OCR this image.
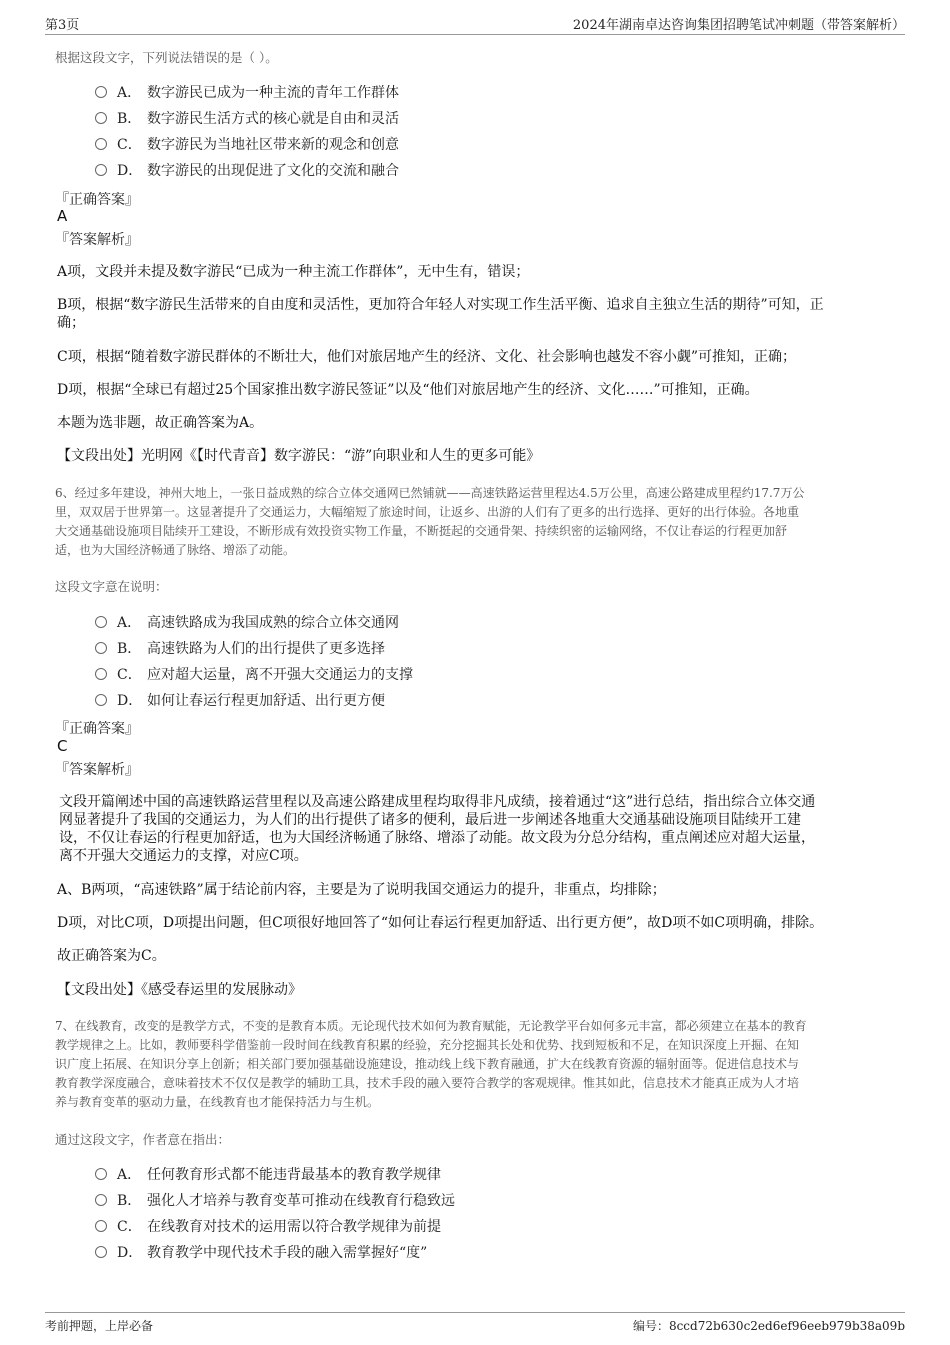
第3页	2024年湖南卓达咨询集团招聘笔试冲刺题（带答案解析）
根据这段文字，下列说法错误的是（ ）。
A． 数字游民已成为一种主流的青年工作群体
B． 数字游民生活方式的核心就是自由和灵活
C． 数字游民为当地社区带来新的观念和创意
D． 数字游民的出现促进了文化的交流和融合
『正确答案』
A
『答案解析』
A项，文段并未提及数字游民“已成为一种主流工作群体”，无中生有，错误；
B项，根据“数字游民生活带来的自由度和灵活性，更加符合年轻人对实现工作生活平衡、追求自主独立生活的期待”可知，正
确；
C项，根据“随着数字游民群体的不断壮大，他们对旅居地产生的经济、文化、社会影响也越发不容小觑”可推知，正确；
D项，根据“全球已有超过25个国家推出数字游民签证”以及“他们对旅居地产生的经济、文化……”可推知，正确。
本题为选非题，故正确答案为A。
【文段出处】光明网《【时代青音】数字游民：“游”向职业和人生的更多可能》
6、经过多年建设，神州大地上，一张日益成熟的综合立体交通网已然铺就——高速铁路运营里程达4.5万公里，高速公路建成里程约17.7万公
里，双双居于世界第一。这显著提升了交通运力，大幅缩短了旅途时间，让返乡、出游的人们有了更多的出行选择、更好的出行体验。各地重
大交通基础设施项目陆续开工建设，不断形成有效投资实物工作量，不断挺起的交通骨架、持续织密的运输网络，不仅让春运的行程更加舒
适，也为大国经济畅通了脉络、增添了动能。
这段文字意在说明：
A． 高速铁路成为我国成熟的综合立体交通网
B． 高速铁路为人们的出行提供了更多选择
C． 应对超大运量，离不开强大交通运力的支撑
D． 如何让春运行程更加舒适、出行更方便
『正确答案』
C
『答案解析』
文段开篇阐述中国的高速铁路运营里程以及高速公路建成里程均取得非凡成绩，接着通过“这”进行总结，指出综合立体交通
网显著提升了我国的交通运力，为人们的出行提供了诸多的便利，最后进一步阐述各地重大交通基础设施项目陆续开工建
设，不仅让春运的行程更加舒适，也为大国经济畅通了脉络、增添了动能。故文段为分总分结构，重点阐述应对超大运量，
离不开强大交通运力的支撑，对应C项。
A、B两项，“高速铁路”属于结论前内容，主要是为了说明我国交通运力的提升，非重点，均排除；
D项，对比C项，D项提出问题，但C项很好地回答了“如何让春运行程更加舒适、出行更方便”，故D项不如C项明确，排除。
故正确答案为C。
【文段出处】《感受春运里的发展脉动》
7、在线教育，改变的是教学方式，不变的是教育本质。无论现代技术如何为教育赋能，无论教学平台如何多元丰富，都必须建立在基本的教育
教学规律之上。比如，教师要科学借鉴前一段时间在线教育积累的经验，充分挖掘其长处和优势、找到短板和不足，在知识深度上开掘、在知
识广度上拓展、在知识分享上创新；相关部门要加强基础设施建设，推动线上线下教育融通，扩大在线教育资源的辐射面等。促进信息技术与
教育教学深度融合，意味着技术不仅仅是教学的辅助工具，技术手段的融入要符合教学的客观规律。惟其如此，信息技术才能真正成为人才培
养与教育变革的驱动力量，在线教育也才能保持活力与生机。
通过这段文字，作者意在指出：
A． 任何教育形式都不能违背最基本的教育教学规律
B． 强化人才培养与教育变革可推动在线教育行稳致远
C． 在线教育对技术的运用需以符合教学规律为前提
D． 教育教学中现代技术手段的融入需掌握好“度”
考前押题，上岸必备	编号：8ccd72b630c2ed6ef96eeb979b38a09b
